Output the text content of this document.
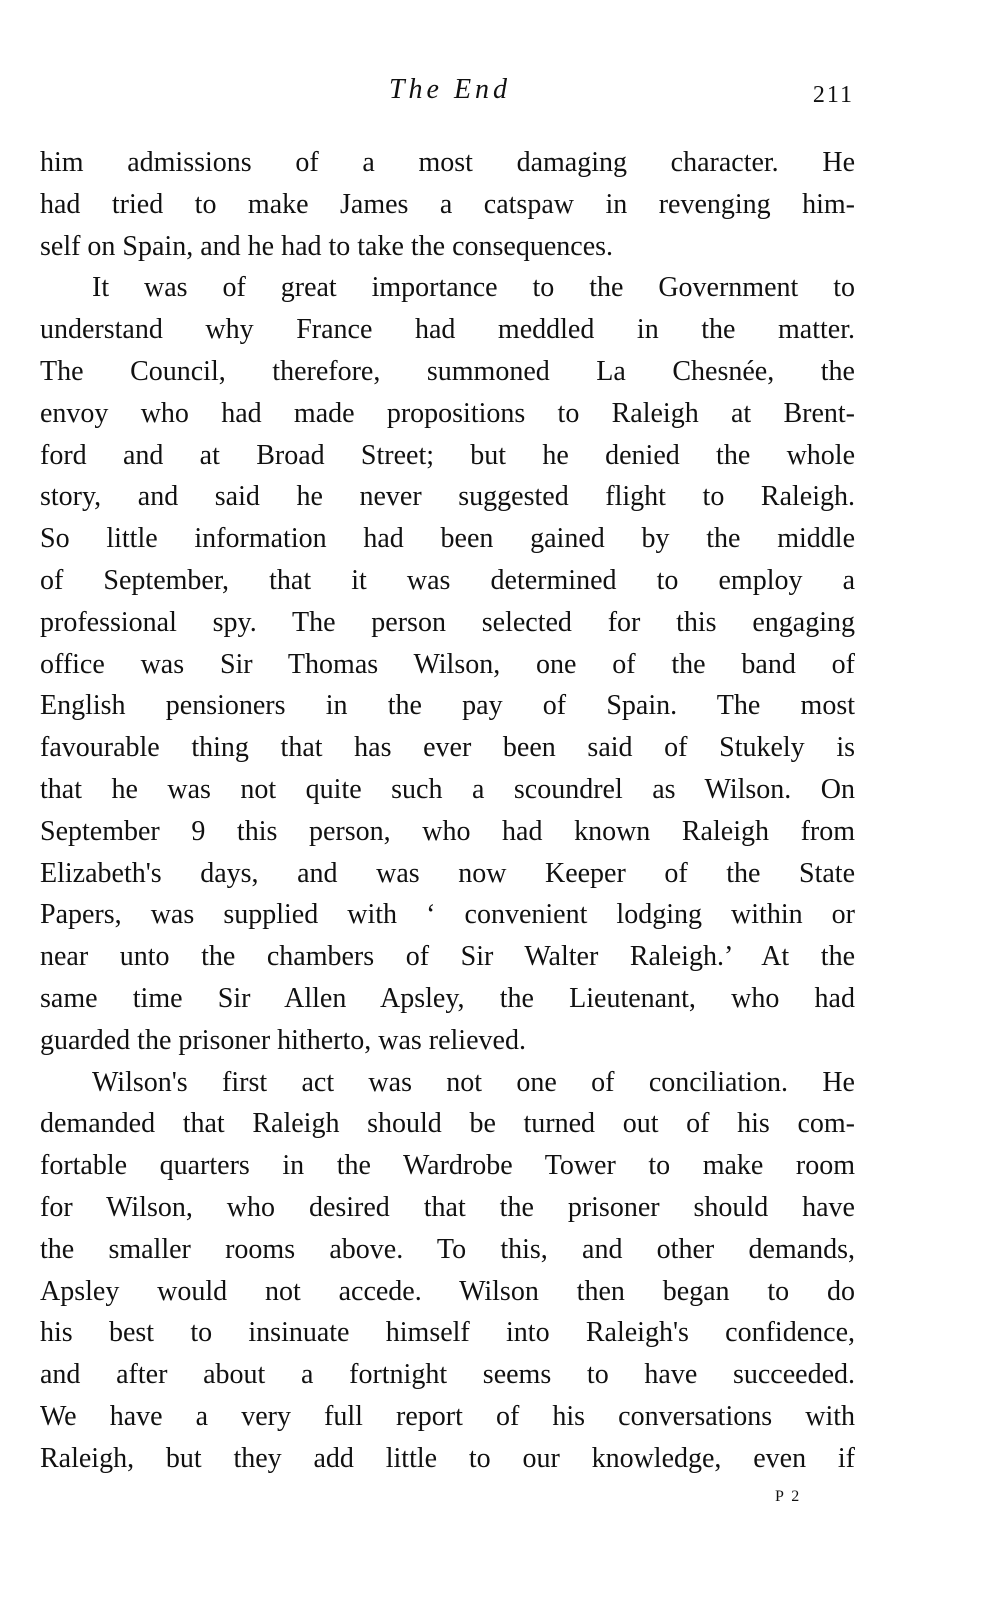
The End	211

him admissions of a most damaging character. He
had tried to make James a catspaw in revenging him-
self on Spain, and he had to take the consequences.

It was of great importance to the Government to
understand why France had meddled in the matter.
The Council, therefore, summoned La Chesnée, the
envoy who had made propositions to Raleigh at Brent-
ford and at Broad Street; but he denied the whole
story, and said he never suggested flight to Raleigh.
So little information had been gained by the middle
of September, that it was determined to employ a
professional spy. The person selected for this engaging
office was Sir Thomas Wilson, one of the band of
English pensioners in the pay of Spain. The most
favourable thing that has ever been said of Stukely is
that he was not quite such a scoundrel as Wilson. On
September 9 this person, who had known Raleigh from
Elizabeth's days, and was now Keeper of the State
Papers, was supplied with ‘ convenient lodging within or
near unto the chambers of Sir Walter Raleigh.’ At the
same time Sir Allen Apsley, the Lieutenant, who had
guarded the prisoner hitherto, was relieved.

Wilson's first act was not one of conciliation. He
demanded that Raleigh should be turned out of his com-
fortable quarters in the Wardrobe Tower to make room
for Wilson, who desired that the prisoner should have
the smaller rooms above. To this, and other demands,
Apsley would not accede. Wilson then began to do
his best to insinuate himself into Raleigh's confidence,
and after about a fortnight seems to have succeeded.
We have a very full report of his conversations with
Raleigh, but they add little to our knowledge, even if

P 2
